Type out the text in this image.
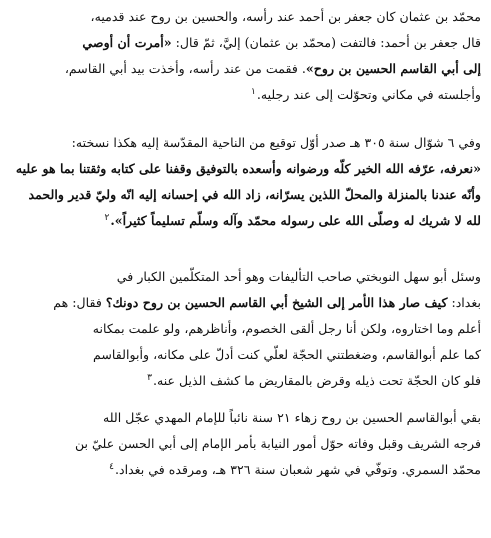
محمّد بن عثمان كان جعفر بن أحمد عند رأسه، والحسين بن روح عند قدميه،
قال جعفر بن أحمد: فالتفت (محمّد بن عثمان) إليَّ، ثمّ قال: «أمرت أن أوصي
إلى أبي القاسم الحسين بن روح». فقمت من عند رأسه، وأخذت بيد أبي القاسم،
وأجلسته في مكاني وتحوّلت إلى عند رجليه.$^١$

وفي ٦ شوّال سنة ٣٠٥ هـ صدر أوّل توقيع من الناحية المقدّسة إليه هكذا نسخته:
«نعرفه، عرّفه الله الخير كلّه ورضوانه وأسعده بالتوفيق وقفنا على كتابه وثقتنا بما هو عليه
وأنّه عندنا بالمنزلة والمحلّ اللذين يسرّانه، زاد الله في إحسانه إليه انّه وليّ قدير والحمد
لله لا شريك له وصلّى الله على رسوله محمّد وآله وسلّم تسليماً كثيراً».$^٢$

وسئل أبو سهل النوبختي صاحب التأليفات وهو أحد المتكلّمين الكبار في
بغداد: كيف صار هذا الأمر إلى الشيخ أبي القاسم الحسين بن روح دونك؟ فقال: هم
أعلم وما اختاروه، ولكن أنا رجل ألقى الخصوم، وأناظرهم، ولو علمت بمكانه
كما علم أبوالقاسم، وضغطتني الحجّة لعلّي كنت أدلّ على مكانه، وأبوالقاسم
فلو كان الحجّة تحت ذيله وقرض بالمقاريض ما كشف الذيل عنه.$^٣$

بقي أبوالقاسم الحسين بن روح زهاء ٢١ سنة نائباً للإمام المهدي عجّل الله
فرجه الشريف وقبل وفاته حوّل أمور النيابة بأمر الإمام إلى أبي الحسن عليّ بن
محمّد السمري. وتوفّي في شهر شعبان سنة ٣٢٦ هـ، ومرقده في بغداد.$^٤$
